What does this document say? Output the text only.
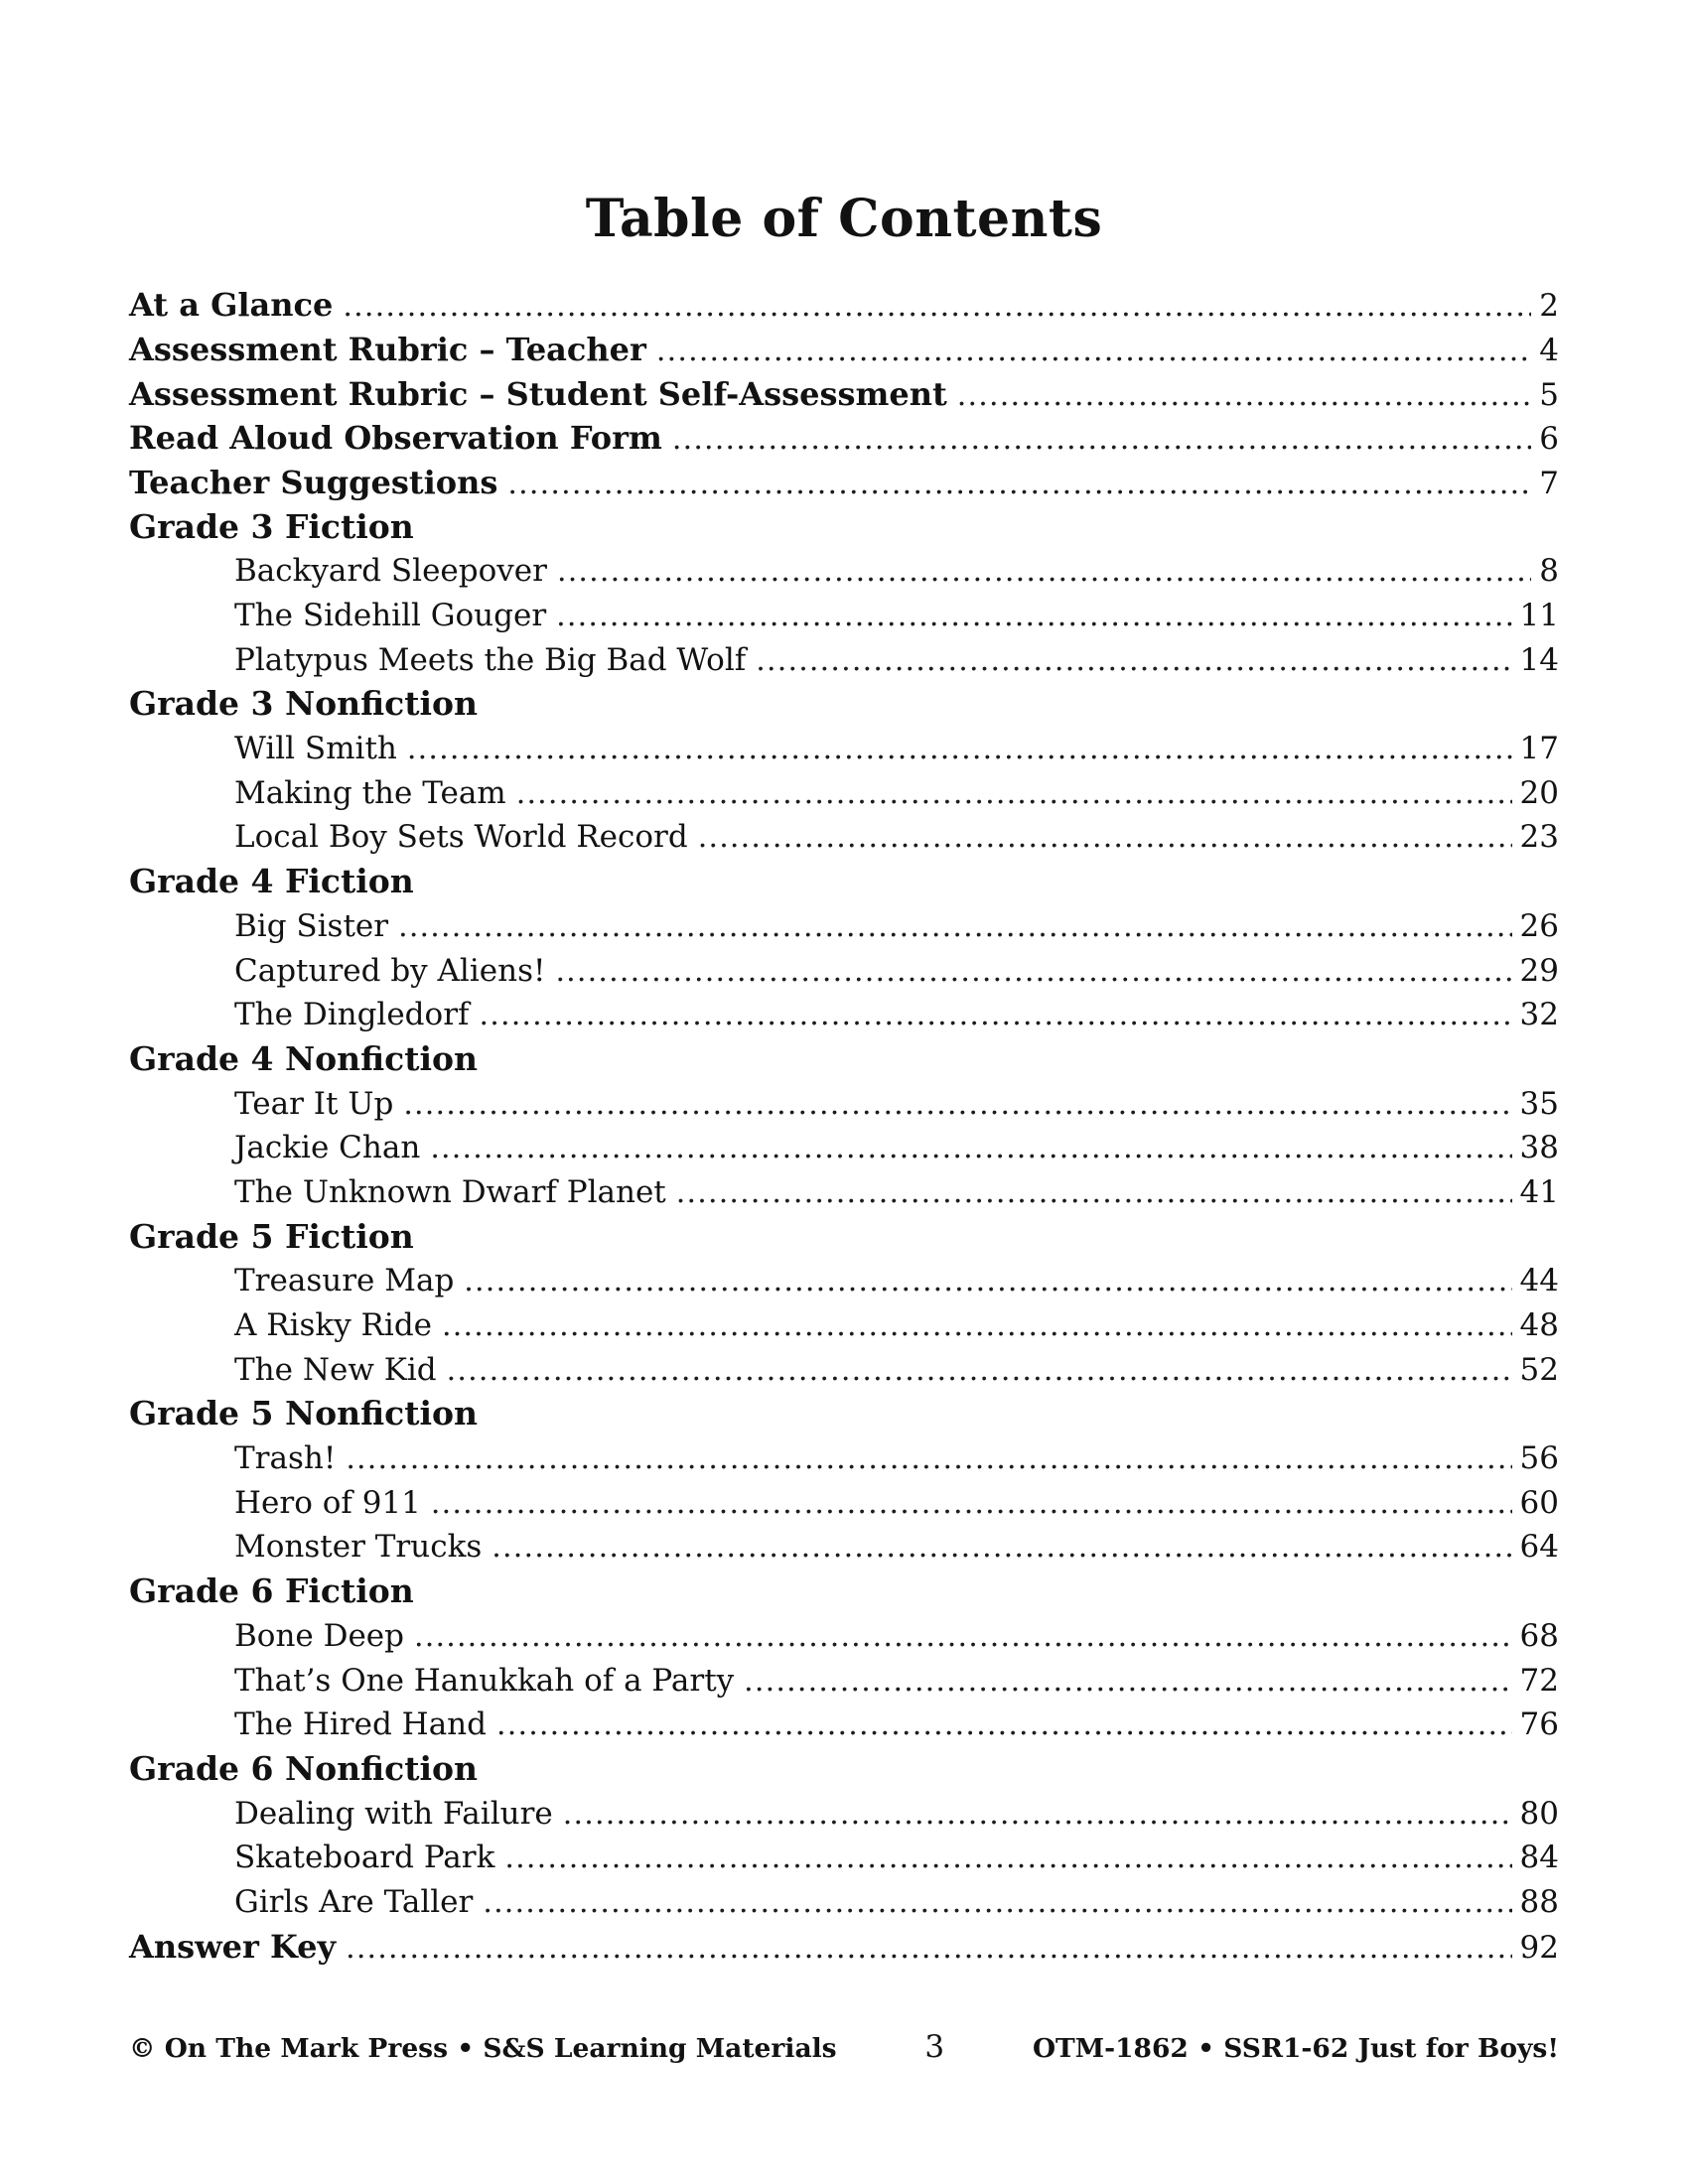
Table of Contents
At a Glance .....	2
Assessment Rubric – Teacher .....	4
Assessment Rubric – Student Self-Assessment .....	5
Read Aloud Observation Form .....	6
Teacher Suggestions .....	7
Grade 3 Fiction
Backyard Sleepover .....	8
The Sidehill Gouger .....	11
Platypus Meets the Big Bad Wolf .....	14
Grade 3 Nonfiction
Will Smith .....	17
Making the Team .....	20
Local Boy Sets World Record .....	23
Grade 4 Fiction
Big Sister .....	26
Captured by Aliens! .....	29
The Dingledorf .....	32
Grade 4 Nonfiction
Tear It Up .....	35
Jackie Chan .....	38
The Unknown Dwarf Planet .....	41
Grade 5 Fiction
Treasure Map .....	44
A Risky Ride .....	48
The New Kid .....	52
Grade 5 Nonfiction
Trash! .....	56
Hero of 911 .....	60
Monster Trucks .....	64
Grade 6 Fiction
Bone Deep .....	68
That’s One Hanukkah of a Party .....	72
The Hired Hand .....	76
Grade 6 Nonfiction
Dealing with Failure .....	80
Skateboard Park .....	84
Girls Are Taller .....	88
Answer Key .....	92
© On The Mark Press • S&S Learning Materials	3	OTM-1862 • SSR1-62 Just for Boys!
